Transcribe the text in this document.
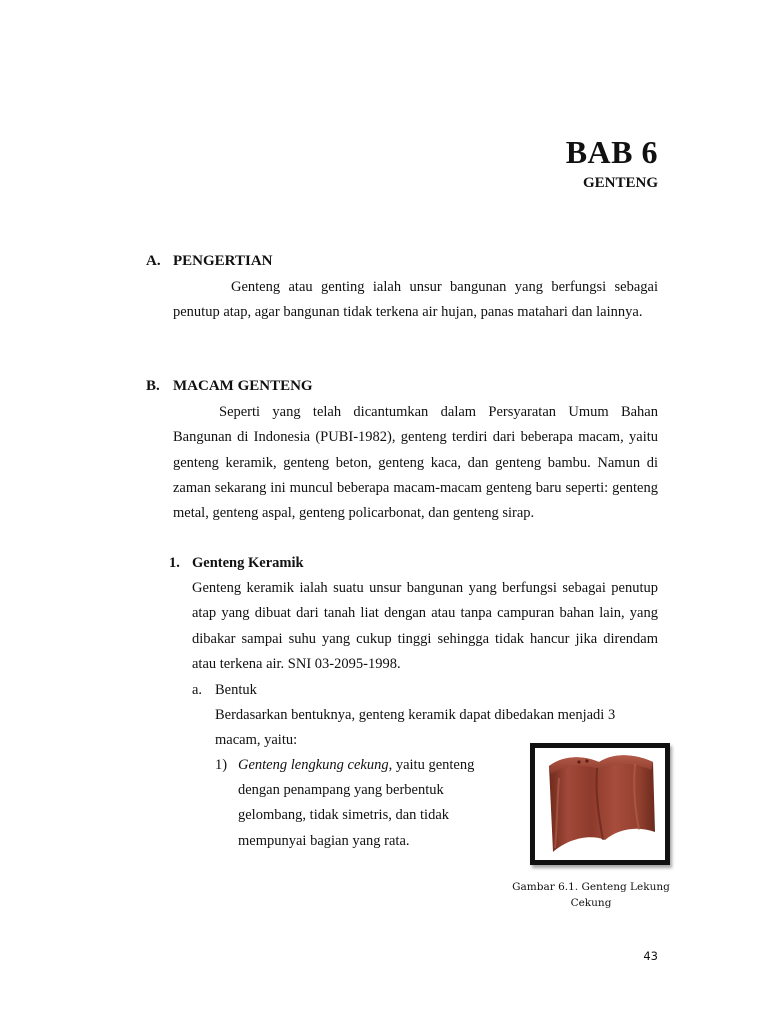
BAB 6
GENTENG
A. PENGERTIAN
Genteng atau genting ialah unsur bangunan yang berfungsi sebagai penutup atap, agar bangunan tidak terkena air hujan, panas matahari dan lainnya.
B. MACAM GENTENG
Seperti yang telah dicantumkan dalam Persyaratan Umum Bahan Bangunan di Indonesia (PUBI-1982), genteng terdiri dari beberapa macam, yaitu genteng keramik, genteng beton, genteng kaca, dan genteng bambu. Namun di zaman sekarang ini muncul beberapa macam-macam genteng baru seperti: genteng metal, genteng aspal, genteng policarbonat, dan genteng sirap.
1. Genteng Keramik
Genteng keramik ialah suatu unsur bangunan yang berfungsi sebagai penutup atap yang dibuat dari tanah liat dengan atau tanpa campuran bahan lain, yang dibakar sampai suhu yang cukup tinggi sehingga tidak hancur jika direndam atau terkena air. SNI 03-2095-1998.
a. Bentuk
Berdasarkan bentuknya, genteng keramik dapat dibedakan menjadi 3 macam, yaitu:
1) Genteng lengkung cekung, yaitu genteng
dengan penampang yang berbentuk
gelombang, tidak simetris, dan tidak
mempunyai bagian yang rata.
Gambar 6.1. Genteng Lekung Cekung
43
